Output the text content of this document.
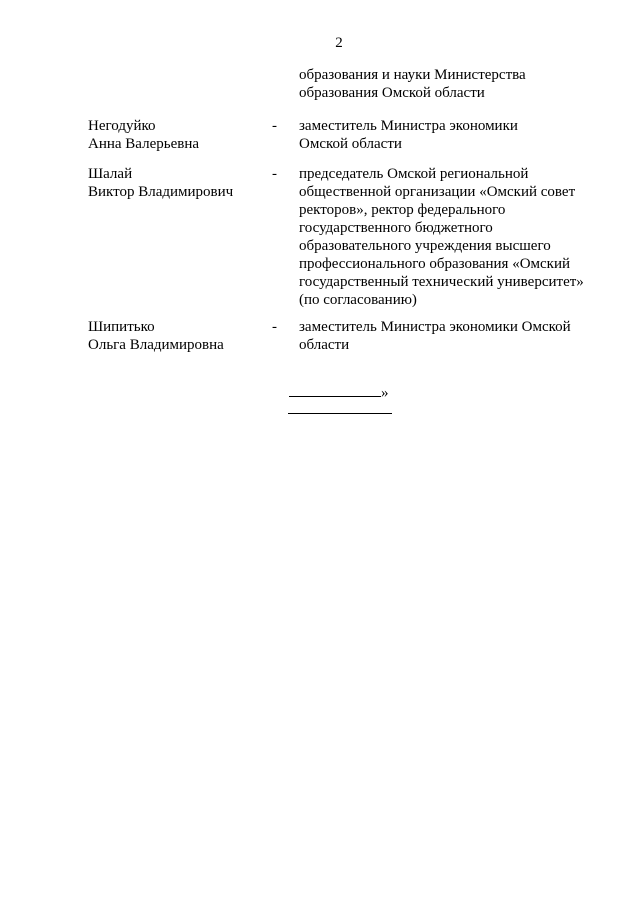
2
образования и науки Министерства
образования Омской области
Негодуйко
Анна Валерьевна
-	заместитель Министра экономики
Омской области
Шалай
Виктор Владимирович
-	председатель Омской региональной
общественной организации «Омский совет
ректоров», ректор федерального
государственного бюджетного
образовательного учреждения высшего
профессионального образования «Омский
государственный технический университет»
(по согласованию)
Шипитько
Ольга Владимировна
-	заместитель Министра экономики Омской
области
»
